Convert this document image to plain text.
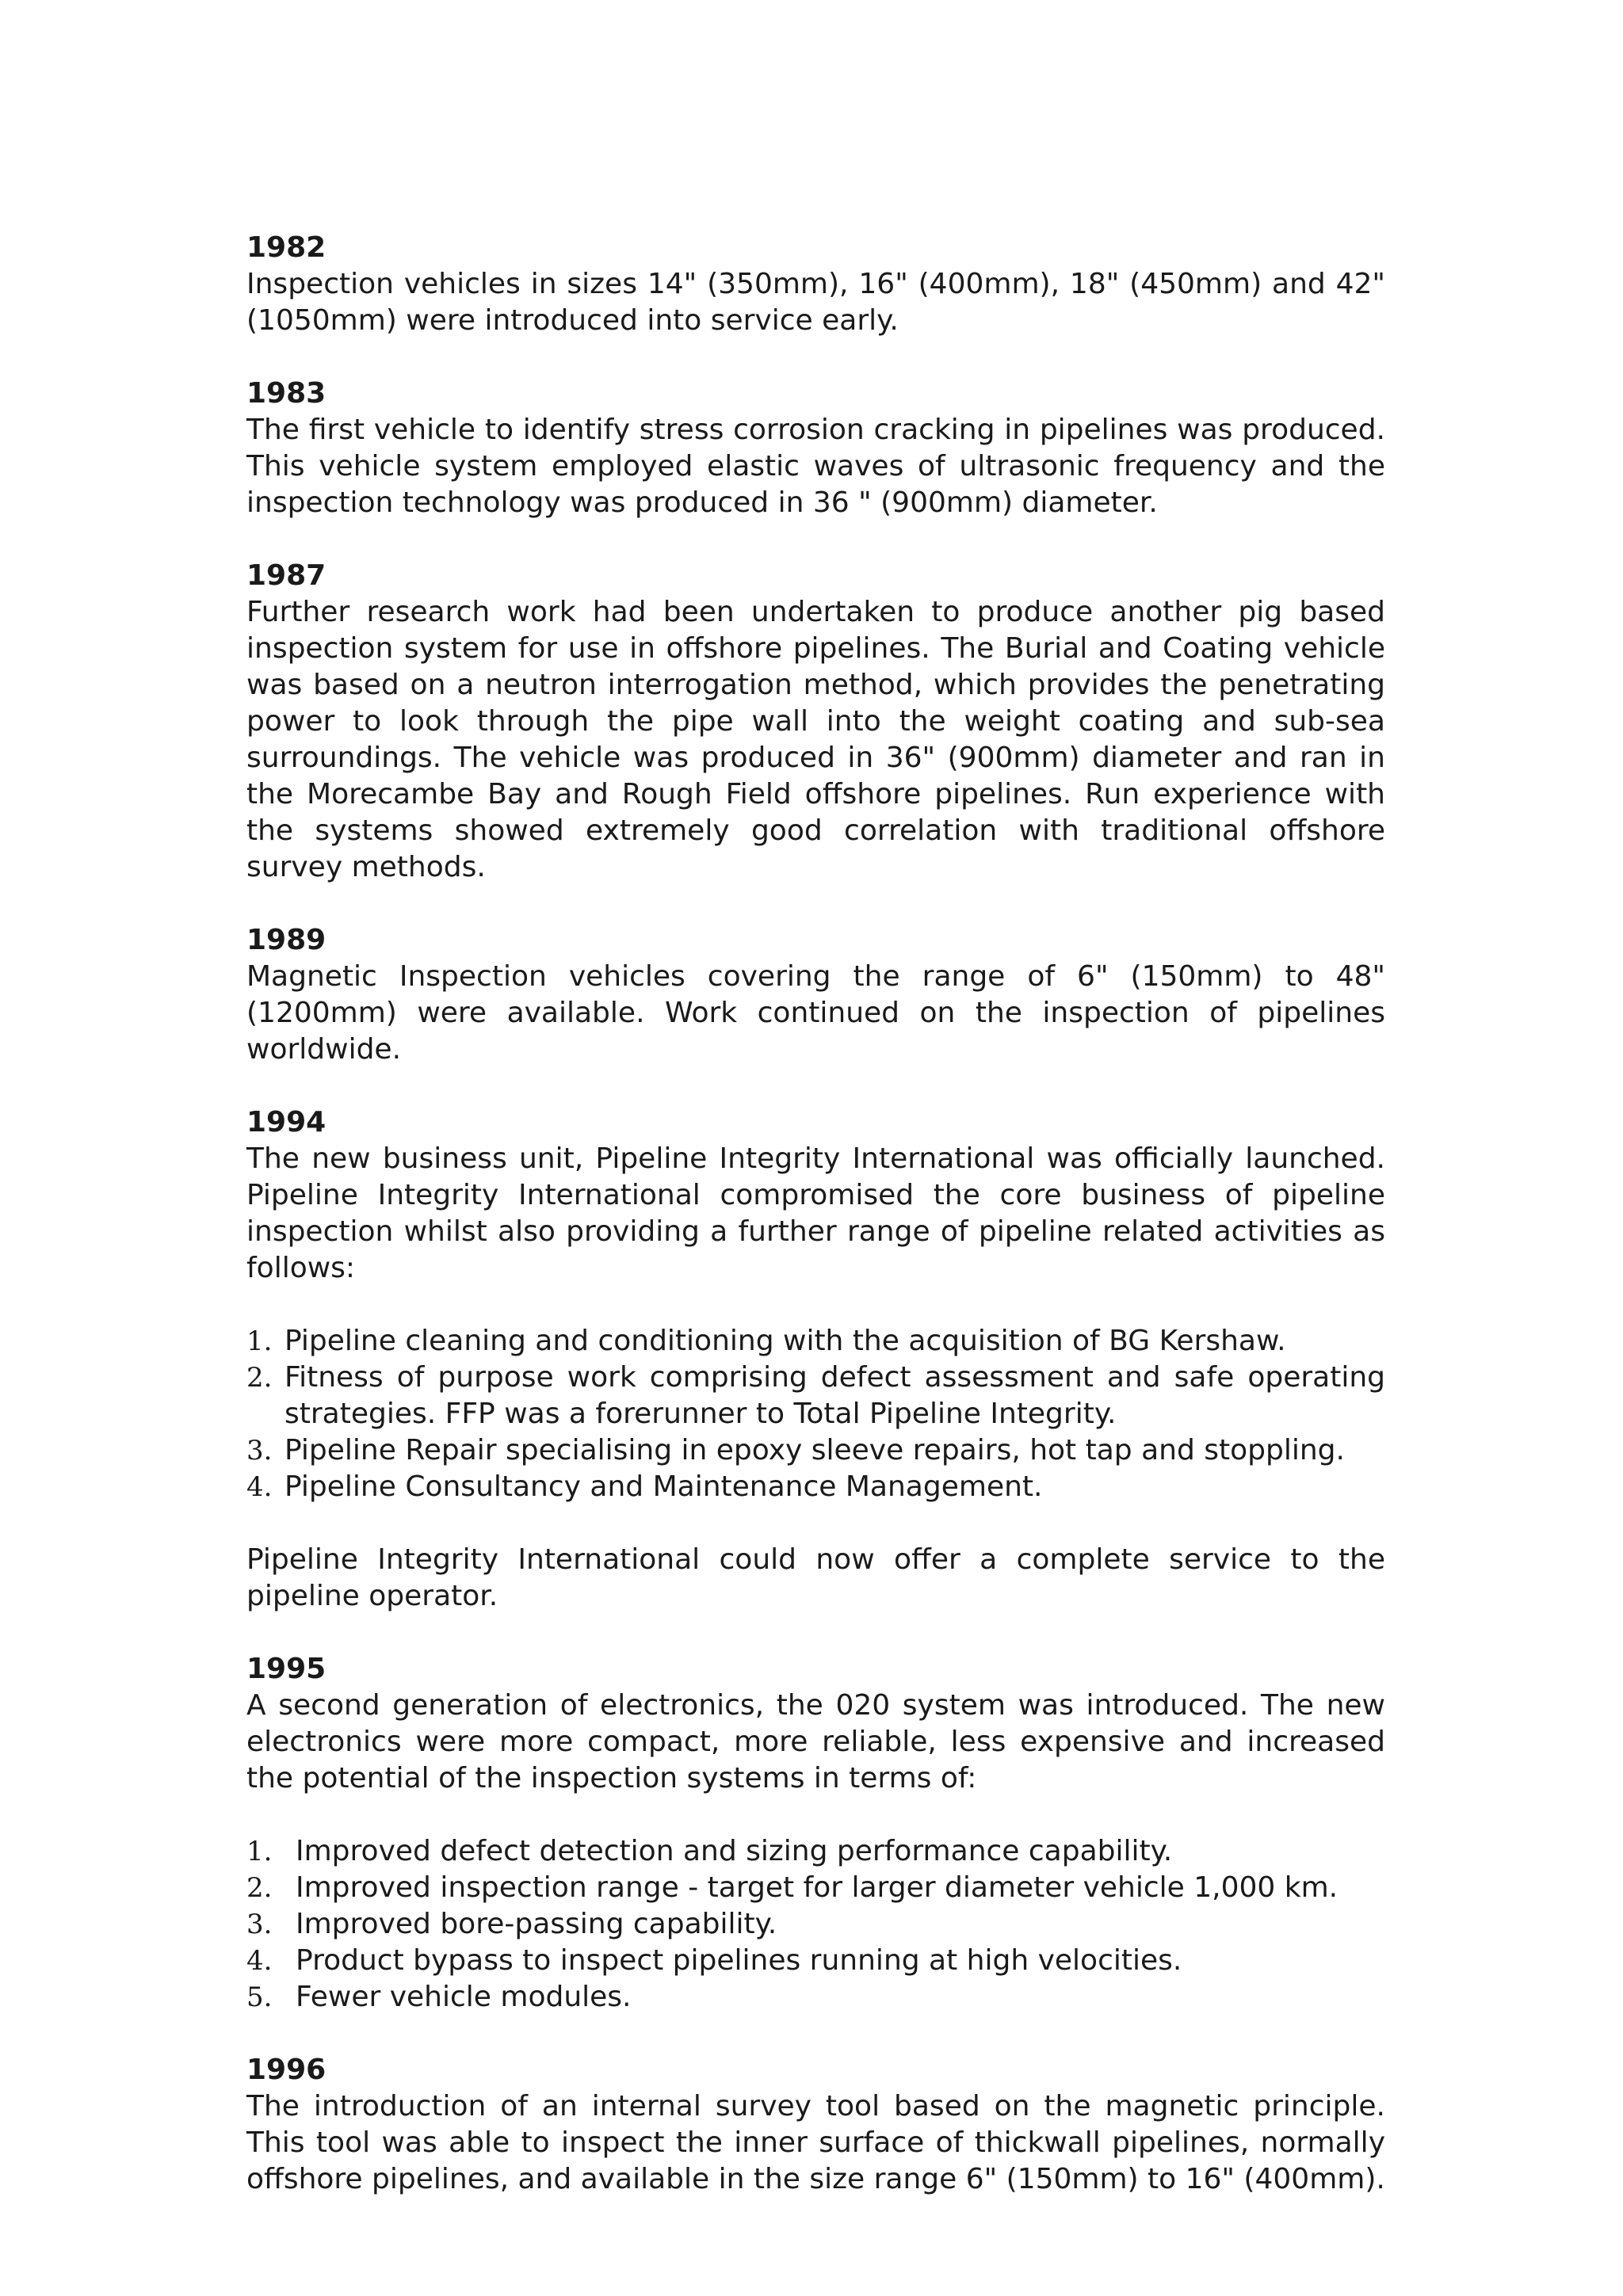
1982

Inspection vehicles in sizes 14" (350mm), 16" (400mm), 18" (450mm) and 42" (1050mm) were introduced into service early.

1983

The first vehicle to identify stress corrosion cracking in pipelines was produced. This vehicle system employed elastic waves of ultrasonic frequency and the inspection technology was produced in 36 " (900mm) diameter.

1987

Further research work had been undertaken to produce another pig based inspection system for use in offshore pipelines. The Burial and Coating vehicle was based on a neutron interrogation method, which provides the penetrating power to look through the pipe wall into the weight coating and sub-sea surroundings. The vehicle was produced in 36" (900mm) diameter and ran in the Morecambe Bay and Rough Field offshore pipelines. Run experience with the systems showed extremely good correlation with traditional offshore survey methods.

1989

Magnetic Inspection vehicles covering the range of 6" (150mm) to 48" (1200mm) were available. Work continued on the inspection of pipelines worldwide.

1994

The new business unit, Pipeline Integrity International was officially launched. Pipeline Integrity International compromised the core business of pipeline inspection whilst also providing a further range of pipeline related activities as follows:

1. Pipeline cleaning and conditioning with the acquisition of BG Kershaw.
2. Fitness of purpose work comprising defect assessment and safe operating strategies. FFP was a forerunner to Total Pipeline Integrity.
3. Pipeline Repair specialising in epoxy sleeve repairs, hot tap and stoppling.
4. Pipeline Consultancy and Maintenance Management.

Pipeline Integrity International could now offer a complete service to the pipeline operator.

1995

A second generation of electronics, the 020 system was introduced. The new electronics were more compact, more reliable, less expensive and increased the potential of the inspection systems in terms of:

1. Improved defect detection and sizing performance capability.
2. Improved inspection range - target for larger diameter vehicle 1,000 km.
3. Improved bore-passing capability.
4. Product bypass to inspect pipelines running at high velocities.
5. Fewer vehicle modules.

1996

The introduction of an internal survey tool based on the magnetic principle. This tool was able to inspect the inner surface of thickwall pipelines, normally offshore pipelines, and available in the size range 6" (150mm) to 16" (400mm).
